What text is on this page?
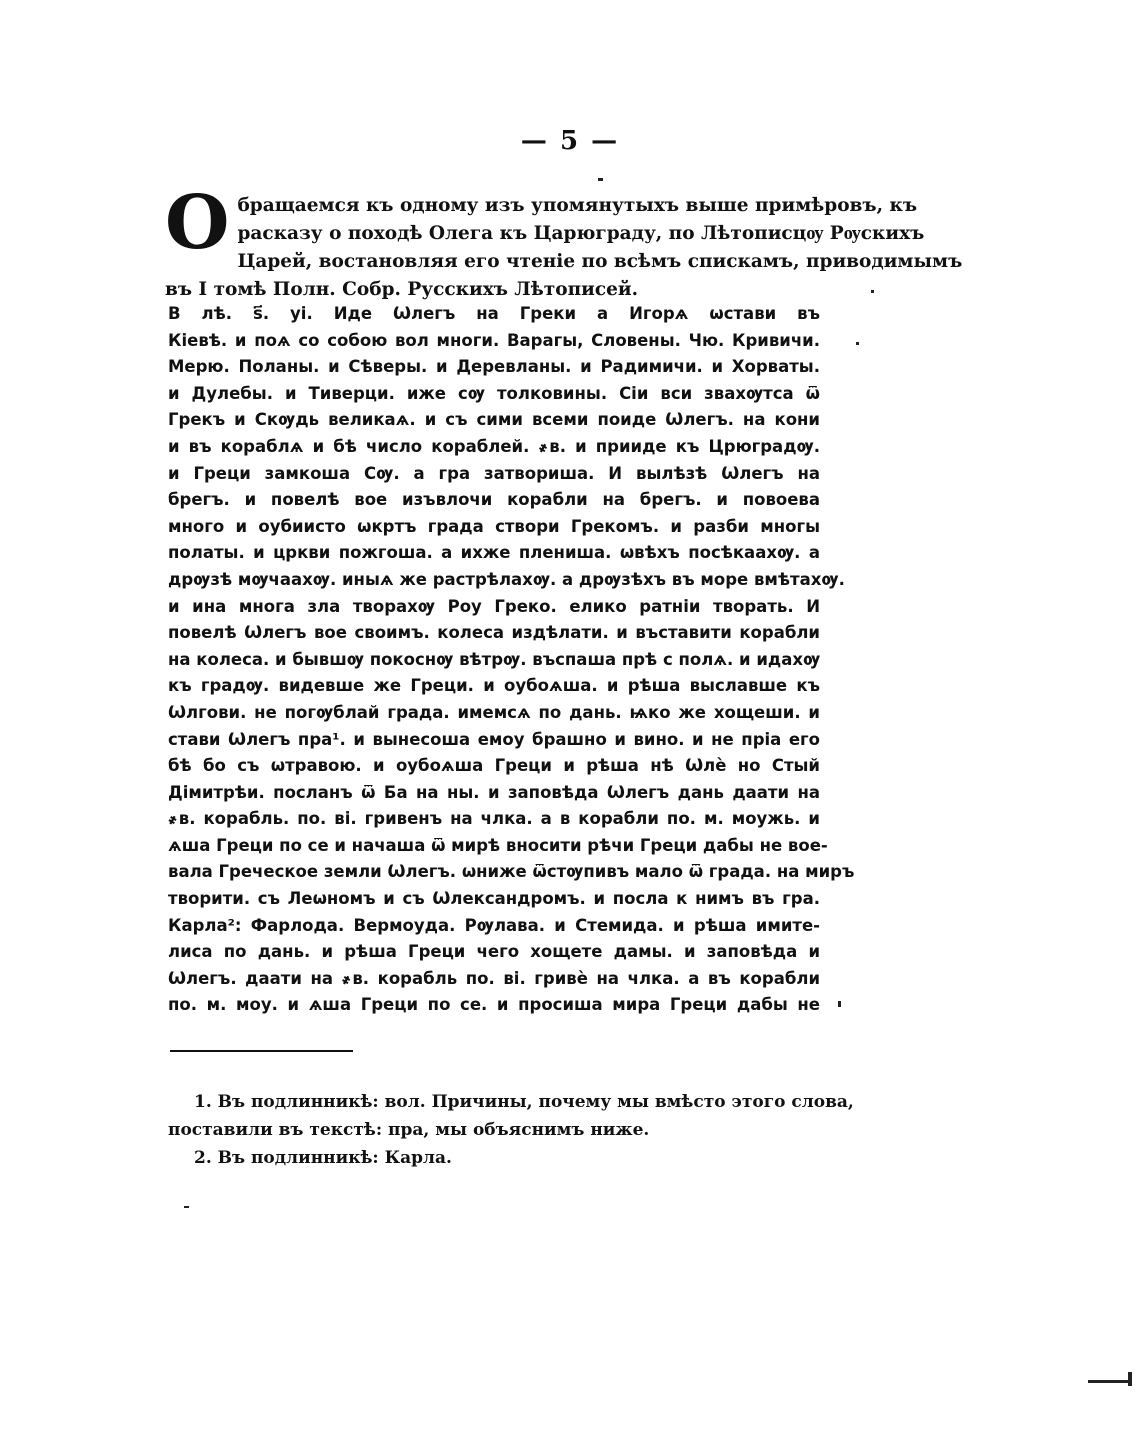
— 5 —
О бращаемся къ одному изъ упомянутыхъ выше примѣровъ, къ
расказу о походѣ Олега къ Царюграду, по Лѣтописцѹ Рѹскихъ
Царей, востановляя его чтеніе по всѣмъ спискамъ, приводимымъ
въ I томѣ Полн. Собр. Русскихъ Лѣтописей.
В лѣ. ѕ҃. уі. Иде Ѡлегъ на Греки а Игорѧ ѡстави въ
Кіевѣ. и поѧ со собою вол многи. Варагы, Словены. Чю. Кривичи.
Мерю. Поланы. и Сѣверы. и Деревланы. и Радимичи. и Хорваты.
и Дулебы. и Тиверци. иже сѹ толковины. Сіи вси звахѹтса ѿ
Грекъ и Скѹдь великаѧ. и съ сими всеми поиде Ѡлегъ. на кони
и въ кораблѧ и бѣ число кораблей. ҂в. и прииде къ Црюградѹ.
и Греци замкоша Сѹ. а гра затвориша. И вылѣзѣ Ѡлегъ на
брегъ. и повелѣ вое изъвлочи корабли на брегъ. и повоева
много и оубиисто ѡкртъ града створи Грекомъ. и разби многы
полаты. и цркви пожгоша. а ихже плениша. ѡвѣхъ посѣкаахѹ. а
дрѹзѣ мѹчаахѹ. иныѧ же растрѣлахѹ. а дрѹзѣхъ въ море вмѣтахѹ.
и ина многа зла творахѹ Роу Греко. елико ратніи творать. И
повелѣ Ѡлегъ вое своимъ. колеса издѣлати. и въставити корабли
на колеса. и бывшѹ покоснѹ вѣтрѹ. въспаша прѣ с полѧ. и идахѹ
къ градѹ. видевше же Греци. и оубоѧша. и рѣша выславше къ
Ѡлгови. не погѹблай града. имемсѧ по дань. ѩко же хощеши. и
стави Ѡлегъ пра¹. и вынесоша емоу брашно и вино. и не пріа его
бѣ бо съ ѡтравою. и оубоѧша Греци и рѣша нѣ Ѡлѐ но Стый
Дімитрѣи. посланъ ѿ Ба на ны. и заповѣда Ѡлегъ дань даати на
҂в. корабль. по. ві. гривенъ на члка. а в корабли по. м. моужь. и
ѧша Греци по се и начаша ѿ мирѣ вносити рѣчи Греци дабы не вое-
вала Греческое земли Ѡлегъ. ѡниже ѿстѹпивъ мало ѿ града. на миръ
творити. съ Леѡномъ и съ Ѡлександромъ. и посла к нимъ въ гра.
Карла²: Фарлода. Вермоуда. Рѹлава. и Стемида. и рѣша имите-
лиса по дань. и рѣша Греци чего хощете дамы. и заповѣда и
Ѡлегъ. даати на ҂в. корабль по. ві. гривѐ на члка. а въ корабли
по. м. моу. и ѧша Греци по се. и просиша мира Греци дабы не
1. Въ подлинникѣ: вол. Причины, почему мы вмѣсто этого слова,
поставили въ текстѣ: пра, мы объяснимъ ниже.
2. Въ подлинникѣ: Карла.
